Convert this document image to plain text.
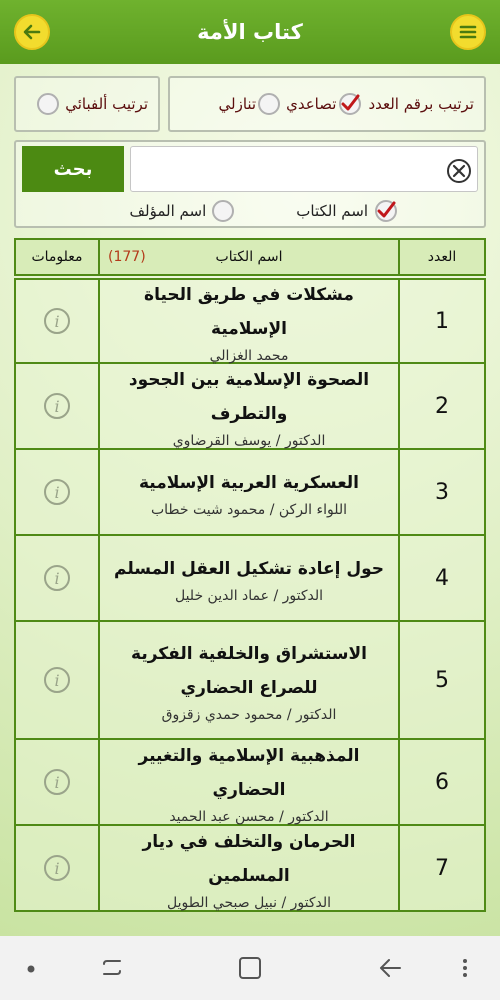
كتاب الأمة
ترتيب برقم العدد
تصاعدي
تنازلي
ترتيب ألفبائي
بحث
اسم الكتاب
اسم المؤلف
العدد
اسم الكتاب
(177)
معلومات
1
مشكلات في طريق الحياة الإسلامية
محمد الغزالي
i
2
الصحوة الإسلامية بين الجحود والتطرف
الدكتور / يوسف القرضاوي
i
3
العسكرية العربية الإسلامية
اللواء الركن / محمود شيت خطاب
i
4
حول إعادة تشكيل العقل المسلم
الدكتور / عماد الدين خليل
i
5
الاستشراق والخلفية الفكرية للصراع الحضاري
الدكتور / محمود حمدي زقزوق
i
6
المذهبية الإسلامية والتغيير الحضاري
الدكتور / محسن عبد الحميد
i
7
الحرمان والتخلف في ديار المسلمين
الدكتور / نبيل صبحي الطويل
i
